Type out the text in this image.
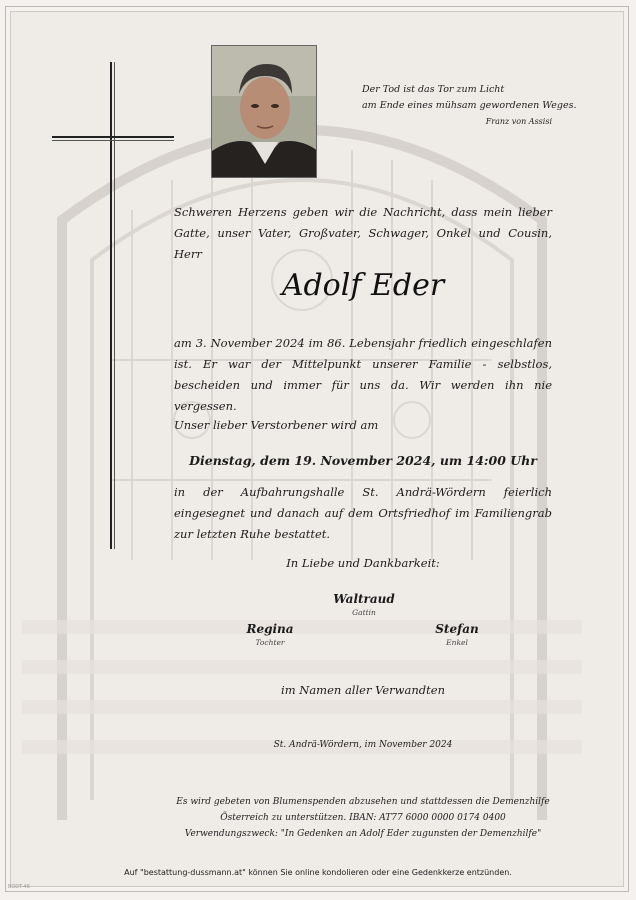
Der Tod ist das Tor zum Licht
am Ende eines mühsam gewordenen Weges.
Franz von Assisi
Schweren Herzens geben wir die Nachricht, dass mein lieber Gatte, unser Vater, Großvater, Schwager, Onkel und Cousin, Herr
Adolf Eder
am 3. November 2024 im 86. Lebensjahr friedlich eingeschlafen ist. Er war der Mittelpunkt unserer Familie - selbstlos, bescheiden und immer für uns da. Wir werden ihn nie vergessen.
Unser lieber Verstorbener wird am
Dienstag, dem 19. November 2024, um 14:00 Uhr
in der Aufbahrungshalle St. Andrä-Wördern feierlich eingesegnet und danach auf dem Ortsfriedhof im Familiengrab zur letzten Ruhe bestattet.
In Liebe und Dankbarkeit:
Waltraud
Gattin
Regina
Tochter
Stefan
Enkel
im Namen aller Verwandten
St. Andrä-Wördern, im November 2024
Es wird gebeten von Blumenspenden abzusehen und stattdessen die Demenzhilfe
Österreich zu unterstützen. IBAN: AT77 6000 0000 0174 0400
Verwendungszweck: "In Gedenken an Adolf Eder zugunsten der Demenzhilfe"
Auf "bestattung-dussmann.at" können Sie online kondolieren oder eine Gedenkkerze entzünden.
BODT-46
